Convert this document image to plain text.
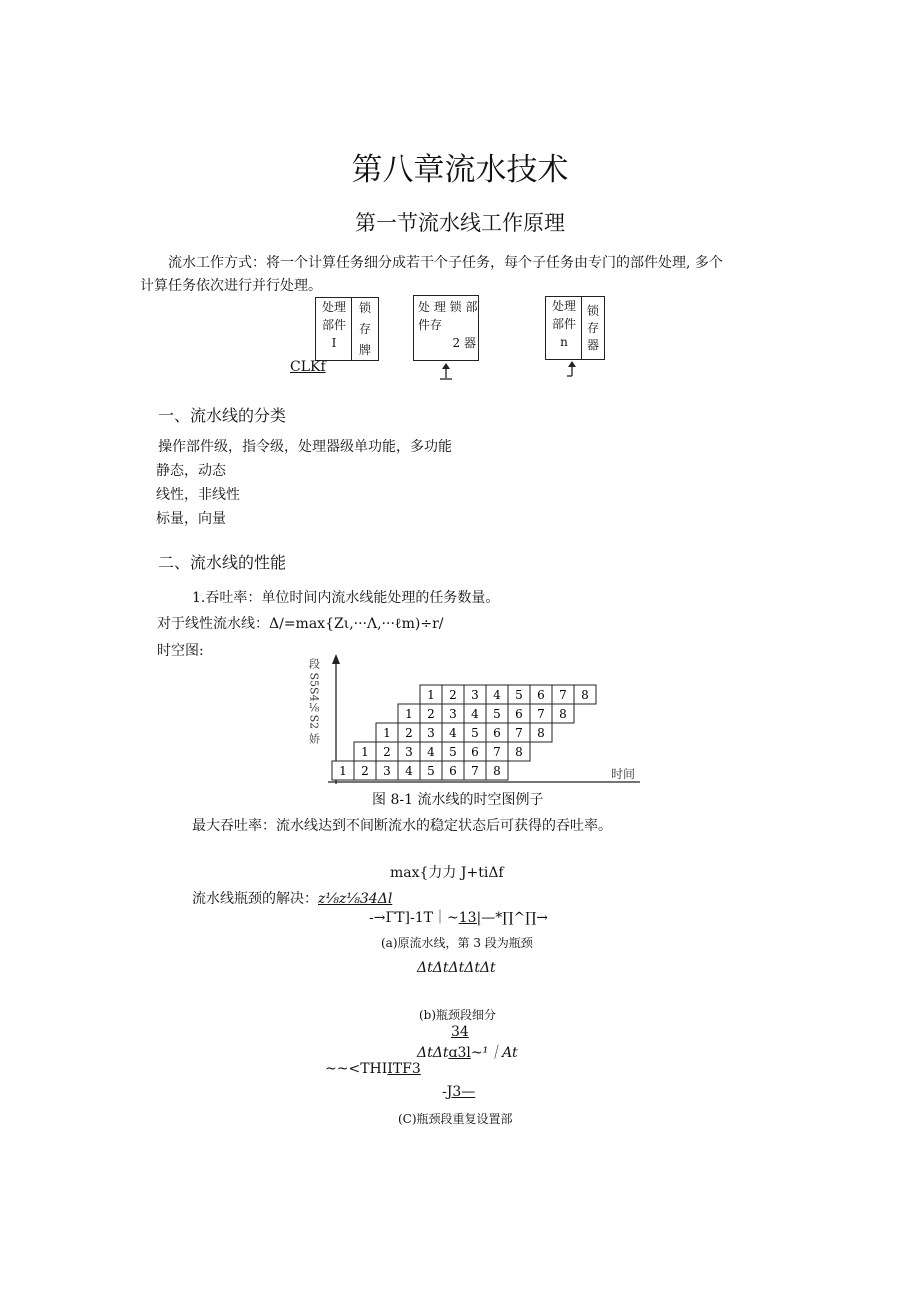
第八章流水技术
第一节流水线工作原理
流水工作方式：将一个计算任务细分成若干个子任务，每个子任务由专门的部件处理, 多个
计算任务依次进行并行处理。
处理
部件
I
锁
存
牌
CLKf
处 理 锁 部
件存
2 器
处理
部件
n
锁
存
器
一、流水线的分类
操作部件级，指令级，处理器级单功能，多功能
静态，动态
线性，非线性
标量，向量
二、流水线的性能
1.吞吐率：单位时间内流水线能处理的任务数量。
对于线性流水线：Δ∕=max{Zι,···Λ,···ℓm)÷r/
时空图:
段 S5S4⅛S2 娇
时间
1 2 3 4 5 6 7 8
1 2 3 4 5 6 7 8
1 2 3 4 5 6 7 8
1 2 3 4 5 6 7 8
1 2 3 4 5 6 7 8
图 8-1 流水线的时空图例子
最大吞吐率：流水线达到不间断流水的稳定状态后可获得的吞吐率。
max{力力 J+tiΔf
流水线瓶颈的解决：z⅛z⅛34Δl
-→ΓT]-1T｜~13|—*∏^∏→
(a)原流水线，第 3 段为瓶颈
ΔtΔtΔtΔtΔt
(b)瓶颈段细分
34
ΔtΔtɑ3l~¹｜At
~~<THIITF3
-J3—
(C)瓶颈段重复设置部
